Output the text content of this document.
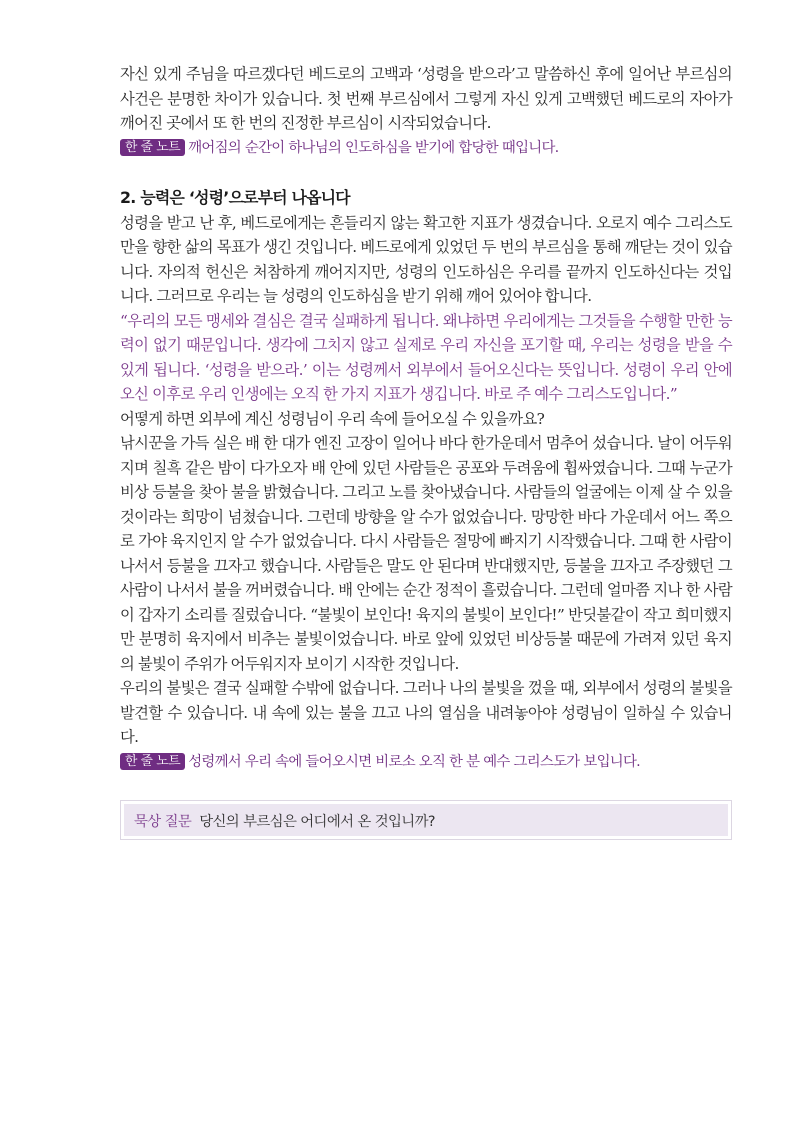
자신 있게 주님을 따르겠다던 베드로의 고백과 ‘성령을 받으라’고 말씀하신 후에 일어난 부르심의 사건은 분명한 차이가 있습니다. 첫 번째 부르심에서 그렇게 자신 있게 고백했던 베드로의 자아가 깨어진 곳에서 또 한 번의 진정한 부르심이 시작되었습니다.

한 줄 노트 깨어짐의 순간이 하나님의 인도하심을 받기에 합당한 때입니다.

2. 능력은 ‘성령’으로부터 나옵니다

성령을 받고 난 후, 베드로에게는 흔들리지 않는 확고한 지표가 생겼습니다. 오로지 예수 그리스도만을 향한 삶의 목표가 생긴 것입니다. 베드로에게 있었던 두 번의 부르심을 통해 깨닫는 것이 있습니다. 자의적 헌신은 처참하게 깨어지지만, 성령의 인도하심은 우리를 끝까지 인도하신다는 것입니다. 그러므로 우리는 늘 성령의 인도하심을 받기 위해 깨어 있어야 합니다.

“우리의 모든 맹세와 결심은 결국 실패하게 됩니다. 왜냐하면 우리에게는 그것들을 수행할 만한 능력이 없기 때문입니다. 생각에 그치지 않고 실제로 우리 자신을 포기할 때, 우리는 성령을 받을 수 있게 됩니다. ‘성령을 받으라.’ 이는 성령께서 외부에서 들어오신다는 뜻입니다. 성령이 우리 안에 오신 이후로 우리 인생에는 오직 한 가지 지표가 생깁니다. 바로 주 예수 그리스도입니다.”

어떻게 하면 외부에 계신 성령님이 우리 속에 들어오실 수 있을까요?

낚시꾼을 가득 실은 배 한 대가 엔진 고장이 일어나 바다 한가운데서 멈추어 섰습니다. 날이 어두워지며 칠흑 같은 밤이 다가오자 배 안에 있던 사람들은 공포와 두려움에 휩싸였습니다. 그때 누군가 비상 등불을 찾아 불을 밝혔습니다. 그리고 노를 찾아냈습니다. 사람들의 얼굴에는 이제 살 수 있을 것이라는 희망이 넘쳤습니다. 그런데 방향을 알 수가 없었습니다. 망망한 바다 가운데서 어느 쪽으로 가야 육지인지 알 수가 없었습니다. 다시 사람들은 절망에 빠지기 시작했습니다. 그때 한 사람이 나서서 등불을 끄자고 했습니다. 사람들은 말도 안 된다며 반대했지만, 등불을 끄자고 주장했던 그 사람이 나서서 불을 꺼버렸습니다. 배 안에는 순간 정적이 흘렀습니다. 그런데 얼마쯤 지나 한 사람이 갑자기 소리를 질렀습니다. “불빛이 보인다! 육지의 불빛이 보인다!” 반딧불같이 작고 희미했지만 분명히 육지에서 비추는 불빛이었습니다. 바로 앞에 있었던 비상등불 때문에 가려져 있던 육지의 불빛이 주위가 어두워지자 보이기 시작한 것입니다.

우리의 불빛은 결국 실패할 수밖에 없습니다. 그러나 나의 불빛을 껐을 때, 외부에서 성령의 불빛을 발견할 수 있습니다. 내 속에 있는 불을 끄고 나의 열심을 내려놓아야 성령님이 일하실 수 있습니다.

한 줄 노트 성령께서 우리 속에 들어오시면 비로소 오직 한 분 예수 그리스도가 보입니다.

묵상 질문 당신의 부르심은 어디에서 온 것입니까?
